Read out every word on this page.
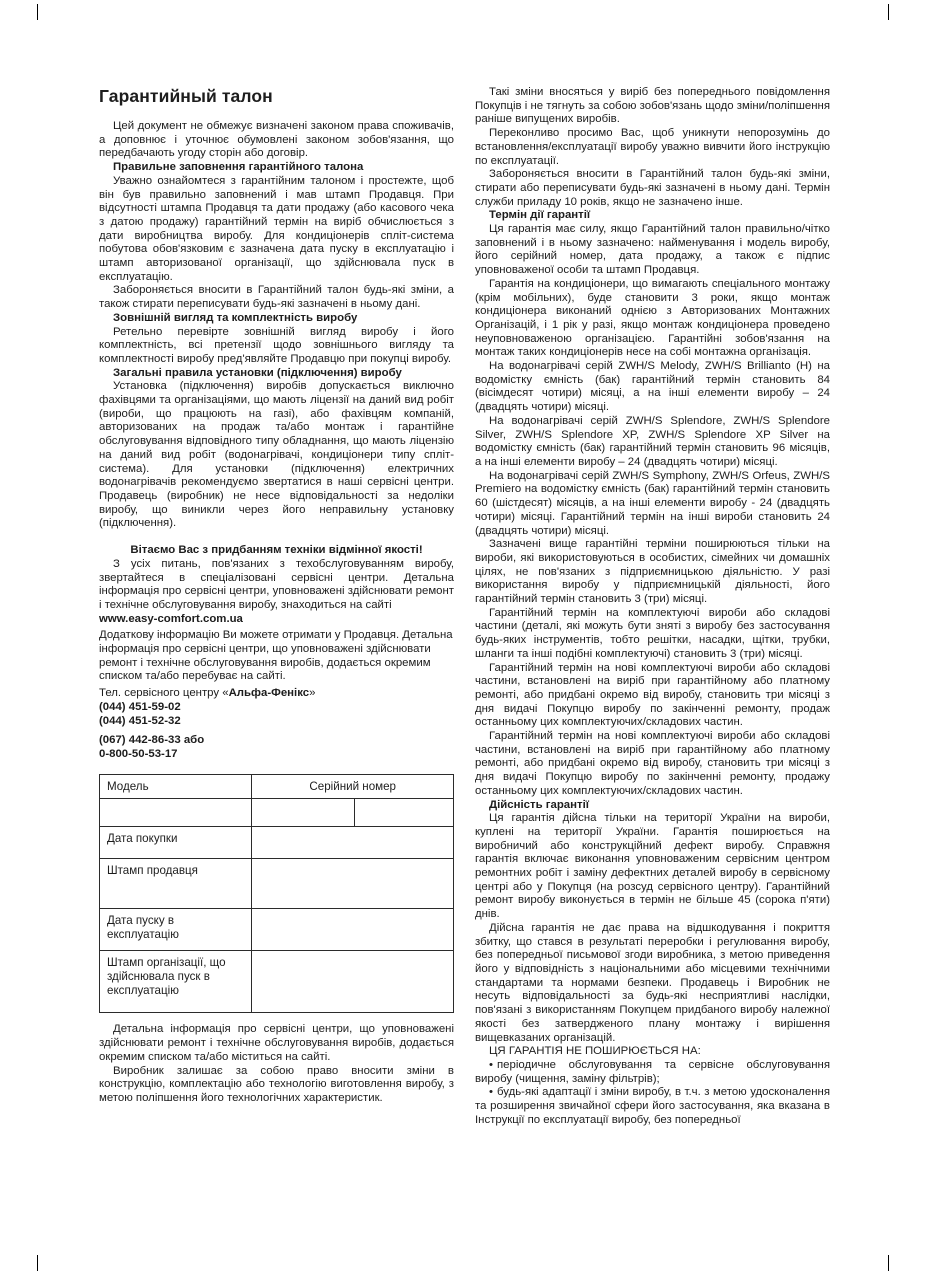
Гарантийный талон

Цей документ не обмежує визначені законом права споживачів, а доповнює і уточнює обумовлені законом зобов'язання, що передбачають угоду сторін або договір.

Правильне заповнення гарантійного талона

Уважно ознайомтеся з гарантійним талоном і простежте, щоб він був правильно заповнений і мав штамп Продавця. При відсутності штампа Продавця та дати продажу (або касового чека з датою продажу) гарантійний термін на виріб обчислюється з дати виробництва виробу. Для кондиціонерів спліт-система побутова обов'язковим є зазначена дата пуску в експлуатацію і штамп авторизованої організації, що здійснювала пуск в експлуатацію.

Забороняється вносити в Гарантійний талон будь-які зміни, а також стирати переписувати будь-які зазначені в ньому дані.

Зовнішній вигляд та комплектність виробу

Ретельно перевірте зовнішній вигляд виробу і його комплектність, всі претензії щодо зовнішнього вигляду та комплектності виробу пред'являйте Продавцю при покупці виробу.

Загальні правила установки (підключення) виробу

Установка (підключення) виробів допускається виключно фахівцями та організаціями, що мають ліцензії на даний вид робіт (вироби, що працюють на газі), або фахівцям компаній, авторизованих на продаж та/або монтаж і гарантійне обслуговування відповідного типу обладнання, що мають ліцензію на даний вид робіт (водонагрівачі, кондиціонери типу спліт-система). Для установки (підключення) електричних водонагрівачів рекомендуємо звертатися в наші сервісні центри. Продавець (виробник) не несе відповідальності за недоліки виробу, що виникли через його неправильну установку (підключення).

Вітаємо Вас з придбанням техніки відмінної якості!

З усіх питань, пов'язаних з техобслуговуванням виробу, звертайтеся в спеціалізовані сервісні центри. Детальна інформація про сервісні центри, уповноважені здійснювати ремонт і технічне обслуговування виробу, знаходиться на сайті

www.easy-comfort.com.ua

Додаткову інформацію Ви можете отримати у Продавця. Детальна інформація про сервісні центри, що уповноважені здійснювати ремонт і технічне обслуговування виробів, додається окремим списком та/або перебуває на сайті.

Тел. сервісного центру «Альфа-Фенікс»

(044) 451-59-02

(044) 451-52-32

(067) 442-86-33 або

0-800-50-53-17

Модель	Серійний номер	

Дата покупки		
Штамп продавця		
Дата пуску в експлуатацію		
Штамп організації, що здійснювала пуск в експлуатацію		

Детальна інформація про сервісні центри, що уповноважені здійснювати ремонт і технічне обслуговування виробів, додається окремим списком та/або міститься на сайті.

Виробник залишає за собою право вносити зміни в конструкцію, комплектацію або технологію виготовлення виробу, з метою поліпшення його технологічних характеристик.

Такі зміни вносяться у виріб без попереднього повідомлення Покупців і не тягнуть за собою зобов'язань щодо зміни/поліпшення раніше випущених виробів.

Переконливо просимо Вас, щоб уникнути непорозумінь до встановлення/експлуатації виробу уважно вивчити його інструкцію по експлуатації.

Забороняється вносити в Гарантійний талон будь-які зміни, стирати або переписувати будь-які зазначені в ньому дані. Термін служби приладу 10 років, якщо не зазначено інше.

Термін дії гарантії

Ця гарантія має силу, якщо Гарантійний талон правильно/чітко заповнений і в ньому зазначено: найменування і модель виробу, його серійний номер, дата продажу, а також є підпис уповноваженої особи та штамп Продавця.

Гарантія на кондиціонери, що вимагають спеціального монтажу (крім мобільних), буде становити 3 роки, якщо монтаж кондиціонера виконаний однією з Авторизованих Монтажних Організацій, і 1 рік у разі, якщо монтаж кондиціонера проведено неуповноваженою організацією. Гарантійні зобов'язання на монтаж таких кондиціонерів несе на собі монтажна організація.

На водонагрівачі серій ZWH/S Melody, ZWH/S Brillianto (H) на водомістку ємність (бак) гарантійний термін становить 84 (вісімдесят чотири) місяці, а на інші елементи виробу – 24 (двадцять чотири) місяці.

На водонагрівачі серій ZWH/S Splendore, ZWH/S Splendore Silver, ZWH/S Splendore XP, ZWH/S Splendore XP Silver на водомістку ємність (бак) гарантійний термін становить 96 місяців, а на інші елементи виробу – 24 (двадцять чотири) місяці.

На водонагрівачі серій ZWH/S Symphony, ZWH/S Orfeus, ZWH/S Premiero на водомістку ємність (бак) гарантійний термін становить 60 (шістдесят) місяців, а на інші елементи виробу - 24 (двадцять чотири) місяці. Гарантійний термін на інші вироби становить 24 (двадцять чотири) місяці.

Зазначені вище гарантійні терміни поширюються тільки на вироби, які використовуються в особистих, сімейних чи домашніх цілях, не пов'язаних з підприємницькою діяльністю. У разі використання виробу у підприємницькій діяльності, його гарантійний термін становить 3 (три) місяці.

Гарантійний термін на комплектуючі вироби або складові частини (деталі, які можуть бути зняті з виробу без застосування будь-яких інструментів, тобто решітки, насадки, щітки, трубки, шланги та інші подібні комплектуючі) становить 3 (три) місяці.

Гарантійний термін на нові комплектуючі вироби або складові частини, встановлені на виріб при гарантійному або платному ремонті, або придбані окремо від виробу, становить три місяці з дня видачі Покупцю виробу по закінченні ремонту, продаж останньому цих комплектуючих/складових частин.

Гарантійний термін на нові комплектуючі вироби або складові частини, встановлені на виріб при гарантійному або платному ремонті, або придбані окремо від виробу, становить три місяці з дня видачі Покупцю виробу по закінченні ремонту, продажу останньому цих комплектуючих/складових частин.

Дійсність гарантії

Ця гарантія дійсна тільки на території України на вироби, куплені на території України. Гарантія поширюється на виробничий або конструкційний дефект виробу. Справжня гарантія включає виконання уповноваженим сервісним центром ремонтних робіт і заміну дефектних деталей виробу в сервісному центрі або у Покупця (на розсуд сервісного центру). Гарантійний ремонт виробу виконується в термін не більше 45 (сорока п'яти) днів.

Дійсна гарантія не дає права на відшкодування і покриття збитку, що стався в результаті переробки і регулювання виробу, без попередньої письмової згоди виробника, з метою приведення його у відповідність з національними або місцевими технічними стандартами та нормами безпеки. Продавець і Виробник не несуть відповідальності за будь-які несприятливі наслідки, пов'язані з використанням Покупцем придбаного виробу належної якості без затвердженого плану монтажу і вирішення вищевказаних організацій.

ЦЯ ГАРАНТІЯ НЕ ПОШИРЮЄТЬСЯ НА:

• періодичне обслуговування та сервісне обслуговування виробу (чищення, заміну фільтрів);

• будь-які адаптації і зміни виробу, в т.ч. з метою удосконалення та розширення звичайної сфери його застосування, яка вказана в Інструкції по експлуатації виробу, без попередньої
